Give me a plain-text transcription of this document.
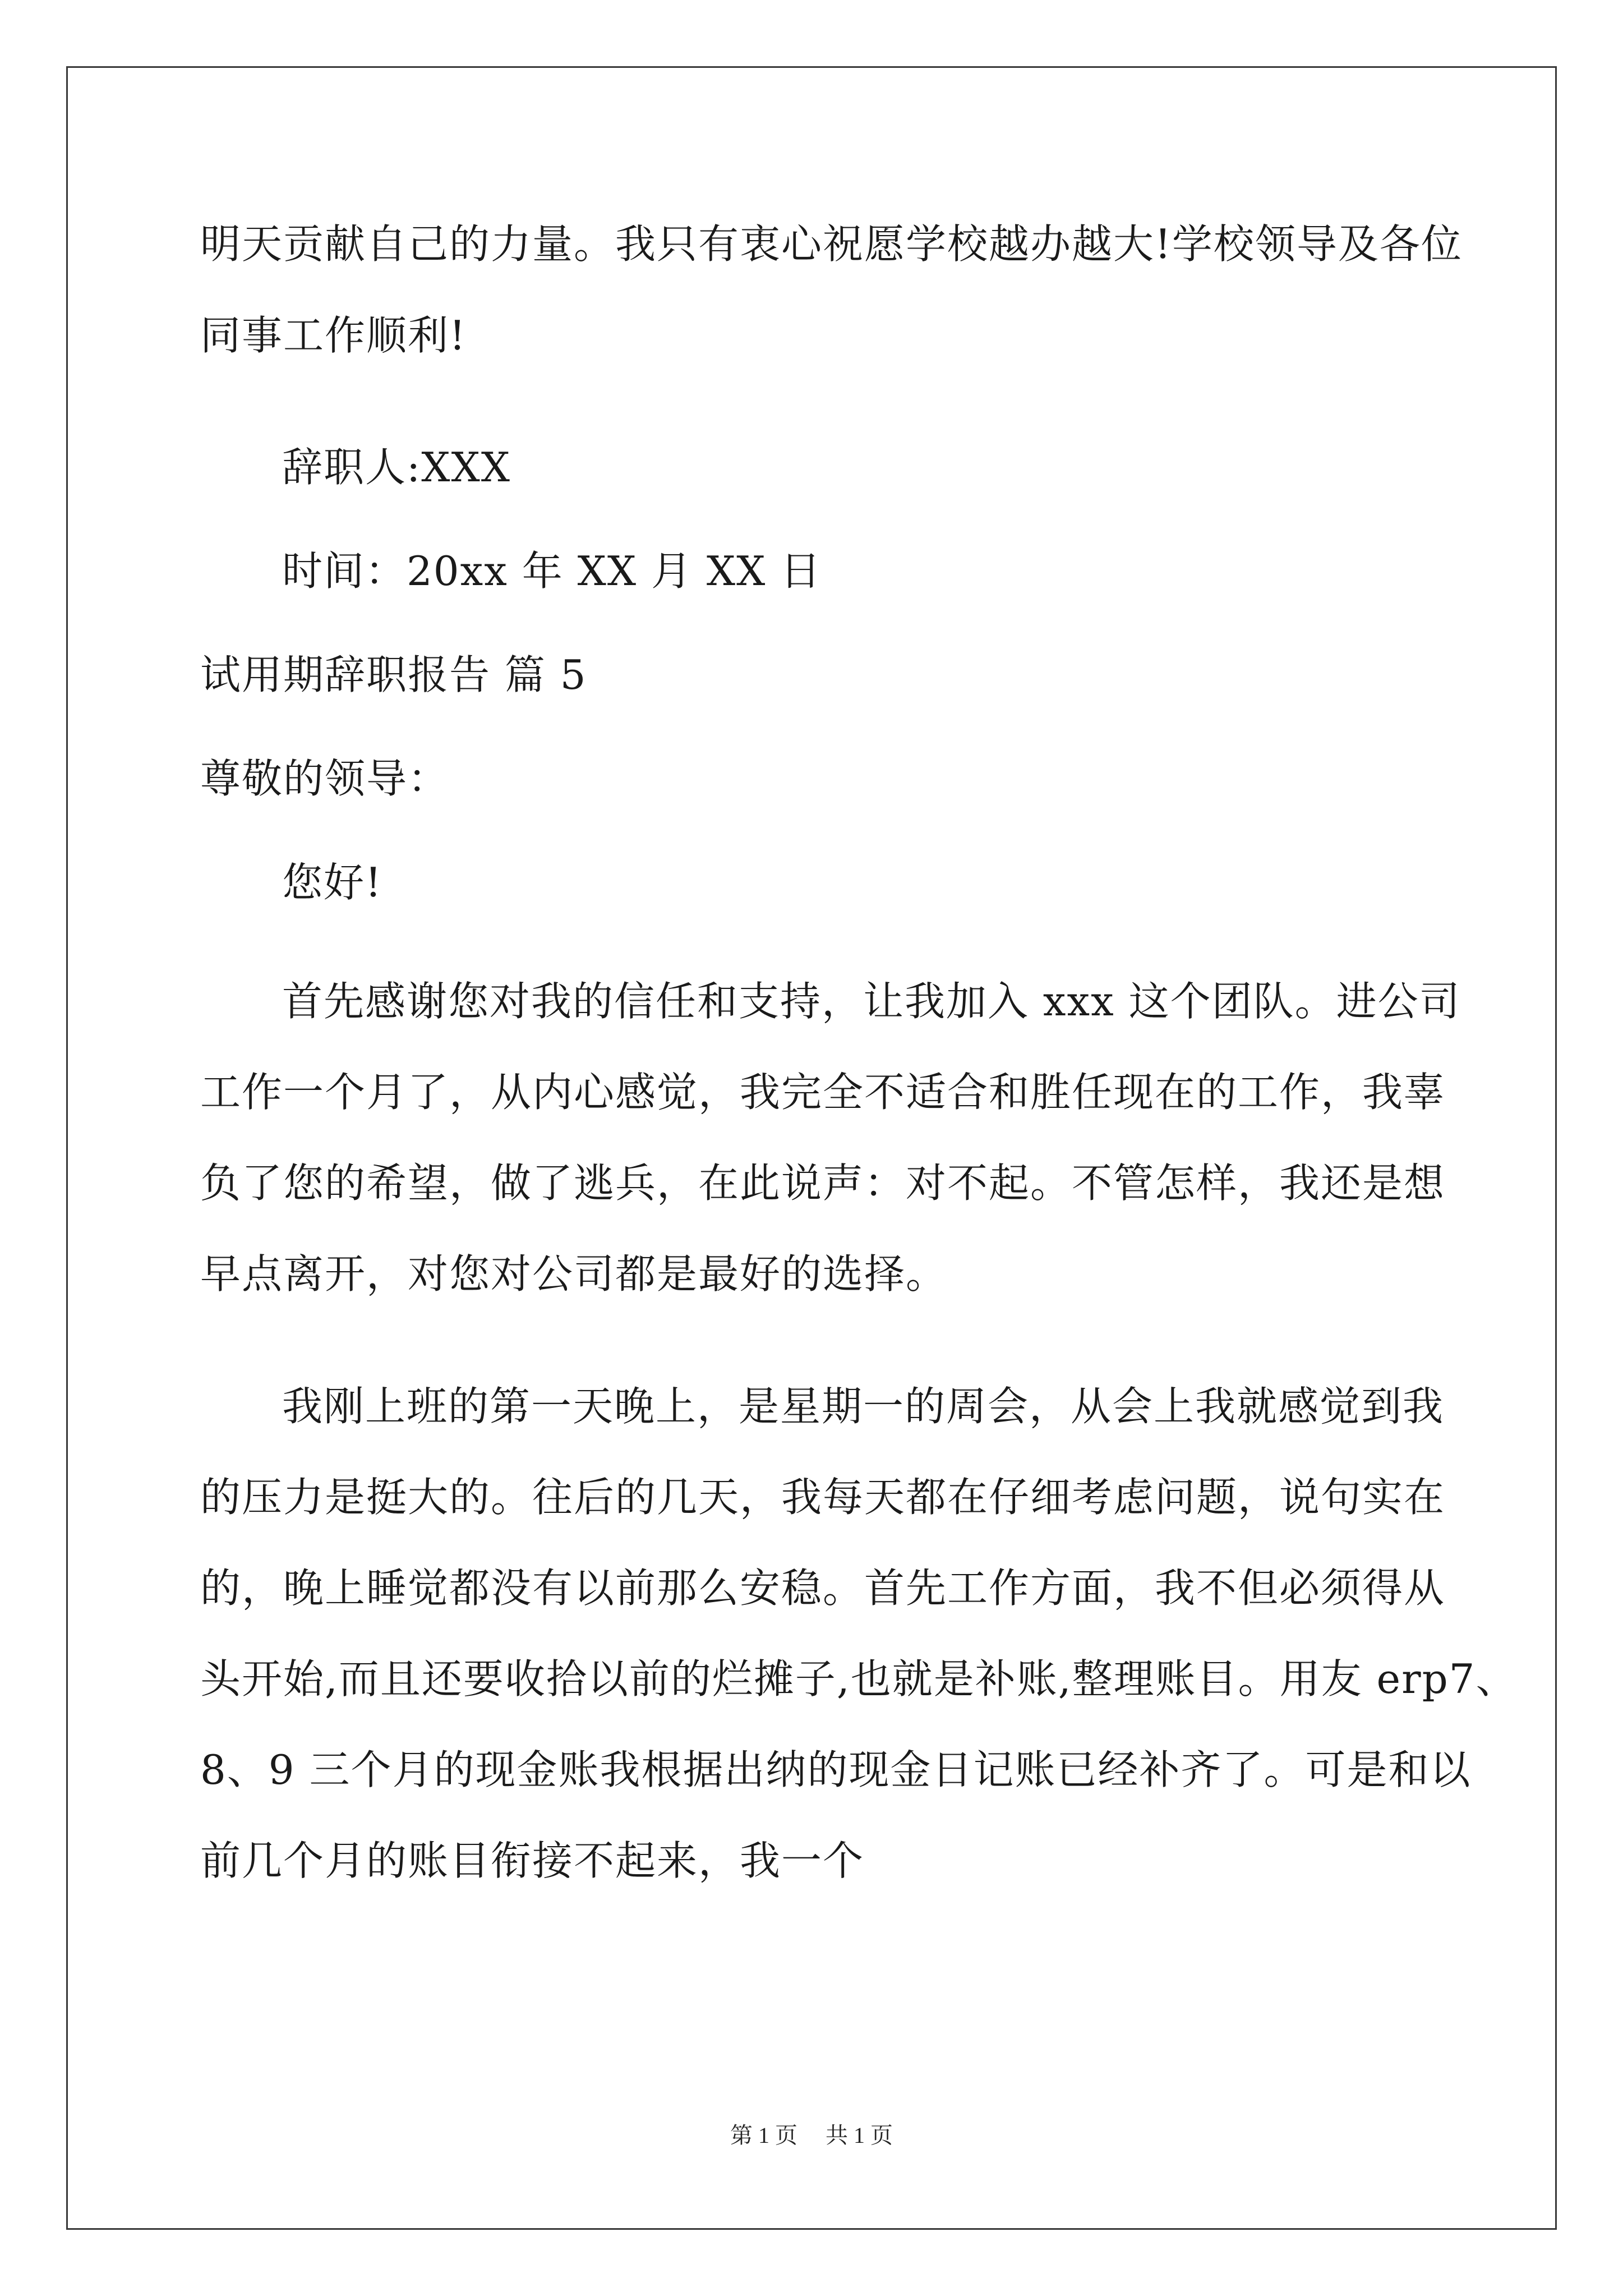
明天贡献自己的力量。我只有衷心祝愿学校越办越大!学校领导及各位
同事工作顺利!
辞职人:XXX
时间：20xx 年 XX 月 XX 日
试用期辞职报告 篇 5
尊敬的领导：
您好!
首先感谢您对我的信任和支持，让我加入 xxx 这个团队。进公司
工作一个月了，从内心感觉，我完全不适合和胜任现在的工作，我辜
负了您的希望，做了逃兵，在此说声：对不起。不管怎样，我还是想
早点离开，对您对公司都是最好的选择。
我刚上班的第一天晚上，是星期一的周会，从会上我就感觉到我
的压力是挺大的。往后的几天，我每天都在仔细考虑问题，说句实在
的，晚上睡觉都没有以前那么安稳。首先工作方面，我不但必须得从
头开始,而且还要收拾以前的烂摊子,也就是补账,整理账目。用友 erp7、
8、9 三个月的现金账我根据出纳的现金日记账已经补齐了。可是和以
前几个月的账目衔接不起来，我一个
第 1 页 共 1 页
